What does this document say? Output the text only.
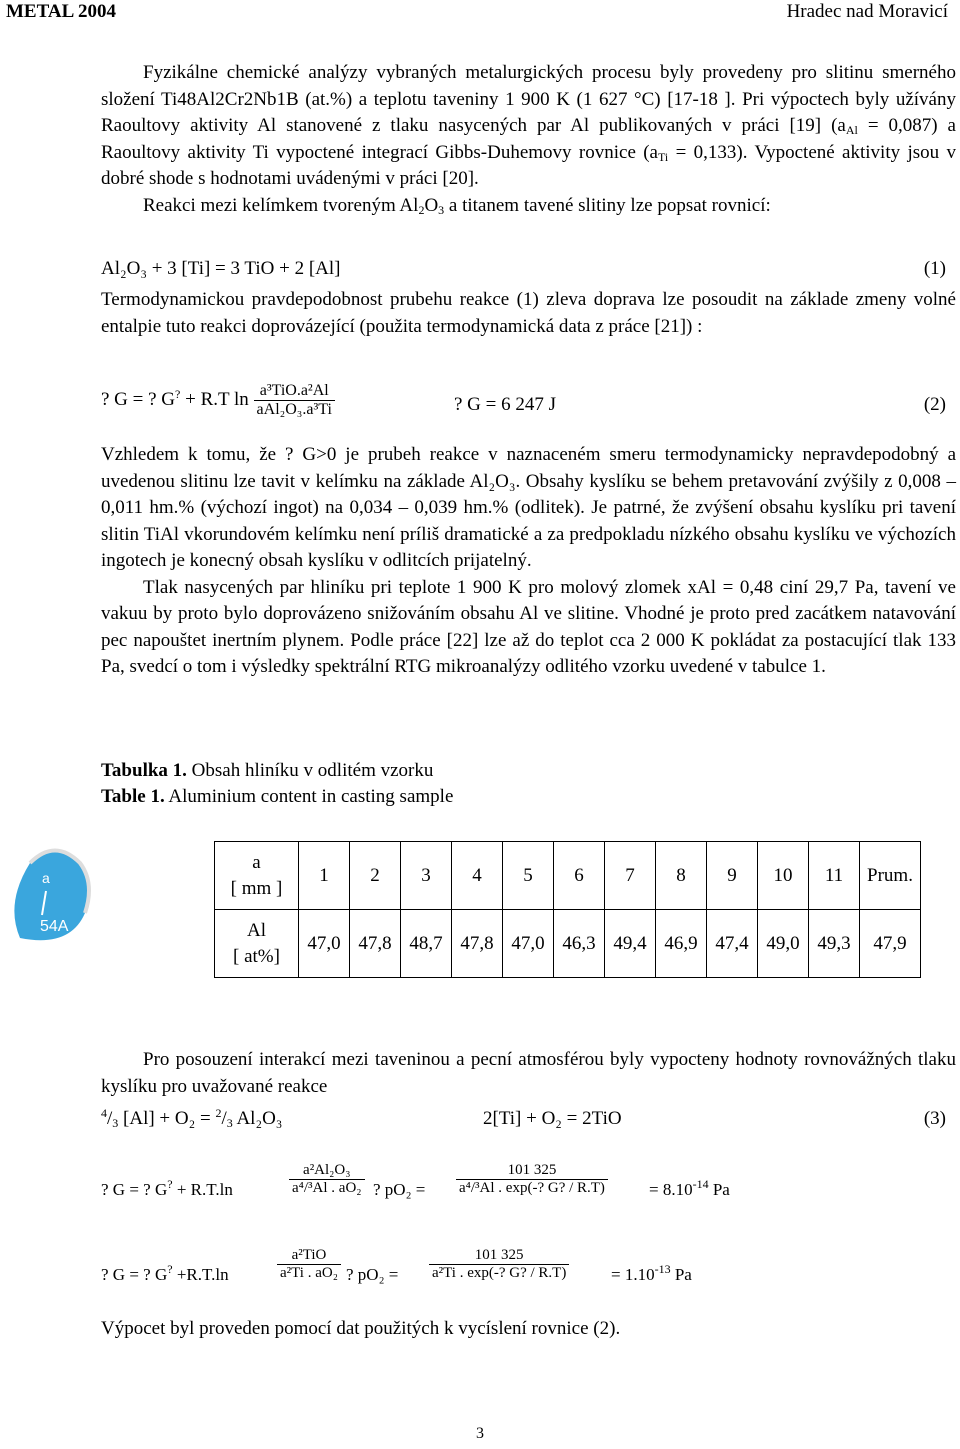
METAL 2004	Hradec nad Moravicí

Fyzikálne chemické analýzy vybraných metalurgických procesu byly provedeny pro slitinu smerného složení Ti48Al2Cr2Nb1B (at.%) a teplotu taveniny 1 900 K (1 627 °C) [17-18 ]. Pri výpoctech byly užívány Raoultovy aktivity Al stanovené z tlaku nasycených par Al publikovaných v práci [19] $(a_{Al} = 0,087)$ a Raoultovy aktivity Ti vypoctené integrací Gibbs-Duhemovy rovnice $(a_{Ti} = 0,133)$. Vypoctené aktivity jsou v dobré shode s hodnotami uvádenými v práci [20].

Reakci mezi kelímkem tvoreným $Al_2O_3$ a titanem tavené slitiny lze popsat rovnicí:

Al₂O₃ + 3 [Ti] = 3 TiO + 2 [Al]	(1)

Termodynamickou pravdepodobnost prubehu reakce (1) zleva doprava lze posoudit na základe zmeny volné entalpie tuto reakci doprovázející (použita termodynamická data z práce [21]) :

? G = ? G? + R.T $\ln \frac{\text{a³TiO.a²Al}}{\text{aAl₂O₃.a³Ti}}$	? G = 6 247 J	(2)

Vzhledem k tomu, že ? G>0 je prubeh reakce v naznaceném smeru termodynamicky nepravdepodobný a uvedenou slitinu lze tavit v kelímku na základe Al₂O₃. Obsahy kyslíku se behem pretavování zvýšily z 0,008 – 0,011 hm.% (výchozí ingot) na 0,034 – 0,039 hm.% (odlitek). Je patrné, že zvýšení obsahu kyslíku pri tavení slitin TiAl vkorundovém kelímku není príliš dramatické a za predpokladu nízkého obsahu kyslíku ve výchozích ingotech je konecný obsah kyslíku v odlitcích prijatelný.

Tlak nasycených par hliníku pri teplote 1 900 K pro molový zlomek xAl = 0,48 ciní 29,7 Pa, tavení ve vakuu by proto bylo doprovázeno snižováním obsahu Al ve slitine. Vhodné je proto pred zacátkem natavování pec napouštet inertním plynem. Podle práce [22] lze až do teplot cca 2 000 K pokládat za postacující tlak 133 Pa, svedcí o tom i výsledky spektrální RTG mikroanalýzy odlitého vzorku uvedené v tabulce 1.

Tabulka 1. Obsah hliníku v odlitém vzorku
Table 1. Aluminium content in casting sample
a
54A
a
[ mm ]	1	2	3	4	5	6	7	8	9	10	11	Prum.
Al
[ at%]	47,0	47,8	48,7	47,8	47,0	46,3	49,4	46,9	47,4	49,0	49,3	47,9

Pro posouzení interakcí mezi taveninou a pecní atmosférou byly vypocteny hodnoty rovnovážných tlaku kyslíku pro uvažované reakce

$^4/_3$ $[Al] + O_2 = ^2/_3$ Al₂O₃	2[Ti] + O₂ = 2TiO	(3)
? G = ? G? + R.T.ln	$\frac{\text{a²Al₂O₃}}{\text{a⁴/³Al . aO₂}}$ ? $pO_2 = \frac{101 325}{\text{a⁴/³Al . exp(-? G? / R.T)}} = 8.10^{-14}$ Pa
? G = ? G? +R.T.ln
a²TiO
a²Ti . aO₂ ? $pO_2 = \frac{101 325}{\text{a²Ti . exp(-? G? / R.T)}} = 1.10^{-13}$ Pa

Výpocet byl proveden pomocí dat použitých k vycíslení rovnice (2).

3
